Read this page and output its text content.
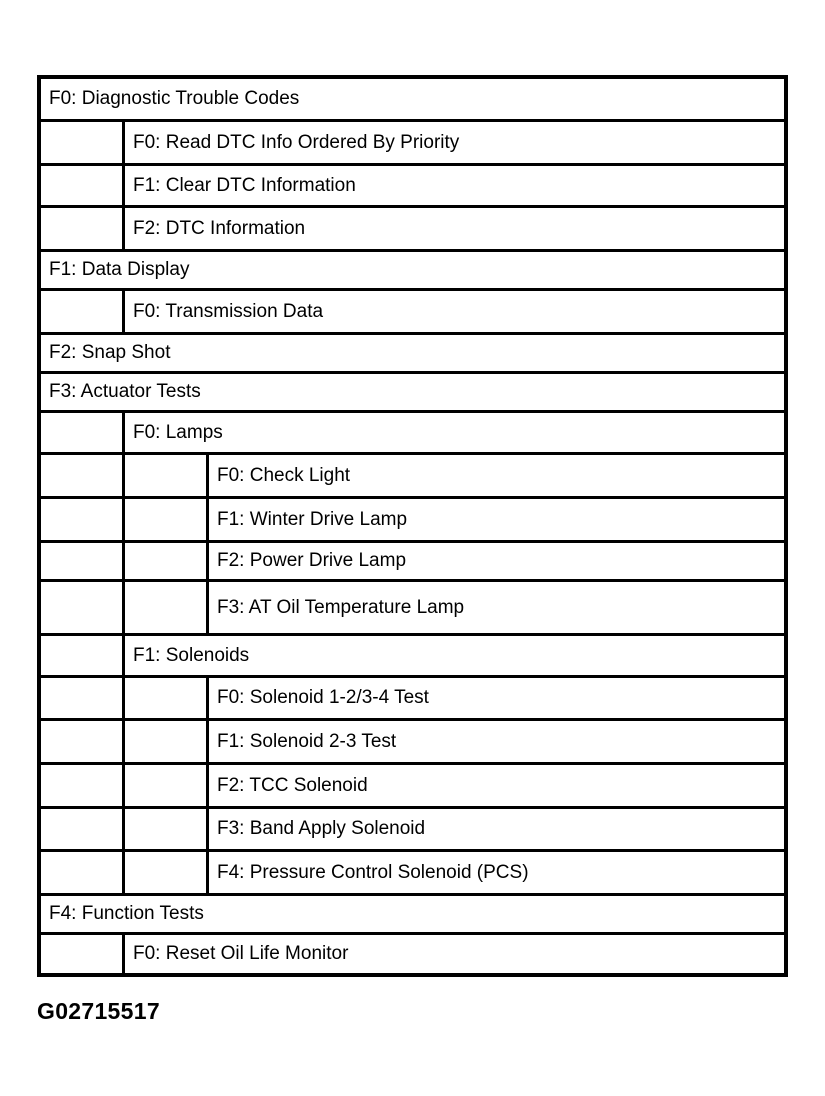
F0: Diagnostic Trouble Codes
F0: Read DTC Info Ordered By Priority
F1: Clear DTC Information
F2: DTC Information
F1: Data Display
F0: Transmission Data
F2: Snap Shot
F3: Actuator Tests
F0: Lamps
F0: Check Light
F1: Winter Drive Lamp
F2: Power Drive Lamp
F3: AT Oil Temperature Lamp
F1: Solenoids
F0: Solenoid 1-2/3-4 Test
F1: Solenoid 2-3 Test
F2: TCC Solenoid
F3: Band Apply Solenoid
F4: Pressure Control Solenoid (PCS)
F4: Function Tests
F0: Reset Oil Life Monitor
G02715517
